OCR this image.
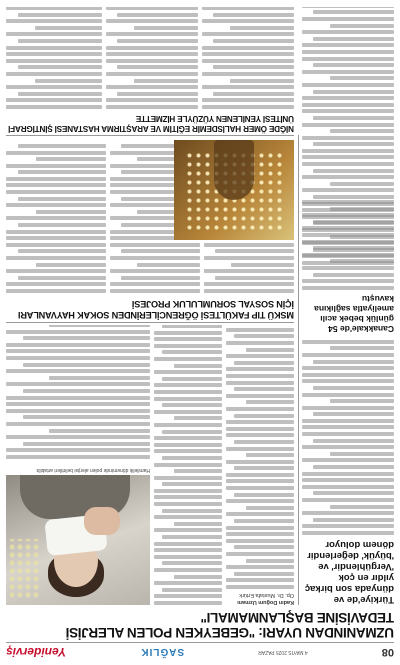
08
4 MAYIS 2025 PAZAR
SAĞLIK
Yeniderviş
UZMANINDAN UYARI: "GEBEYKEN POLEN ALERJİSİ TEDAVİSİNE BAŞLANMAMALI"
Türkiye'de ve dünyada son birkaç yıldır en çok 'Vergühlendir' ve 'büyük' değerlendir dönem doluyor
Canakkale'de 54 günlük bebek acılı ameliyatla sağlıkına kavuştu
Kadın Doğum Uzmanı
Op. Dr. Mustafa Ertürk
Hamilelik döneminde polen alerjisi belirtileri artabilir.
MSKÜ TIP FAKÜLTESİ ÖĞRENCİLERİNDEN SOKAK HAYVANLARI İÇİN SOSYAL SORUMLULUK PROJESİ
NİĞDE ÖMER HALİSDEMİR EĞİTİM VE ARAŞTIRMA HASTANESİ ŞİNTİGRAFİ ÜNİTESİ YENİLENEN YÜZÜYLE HİZMETTE
